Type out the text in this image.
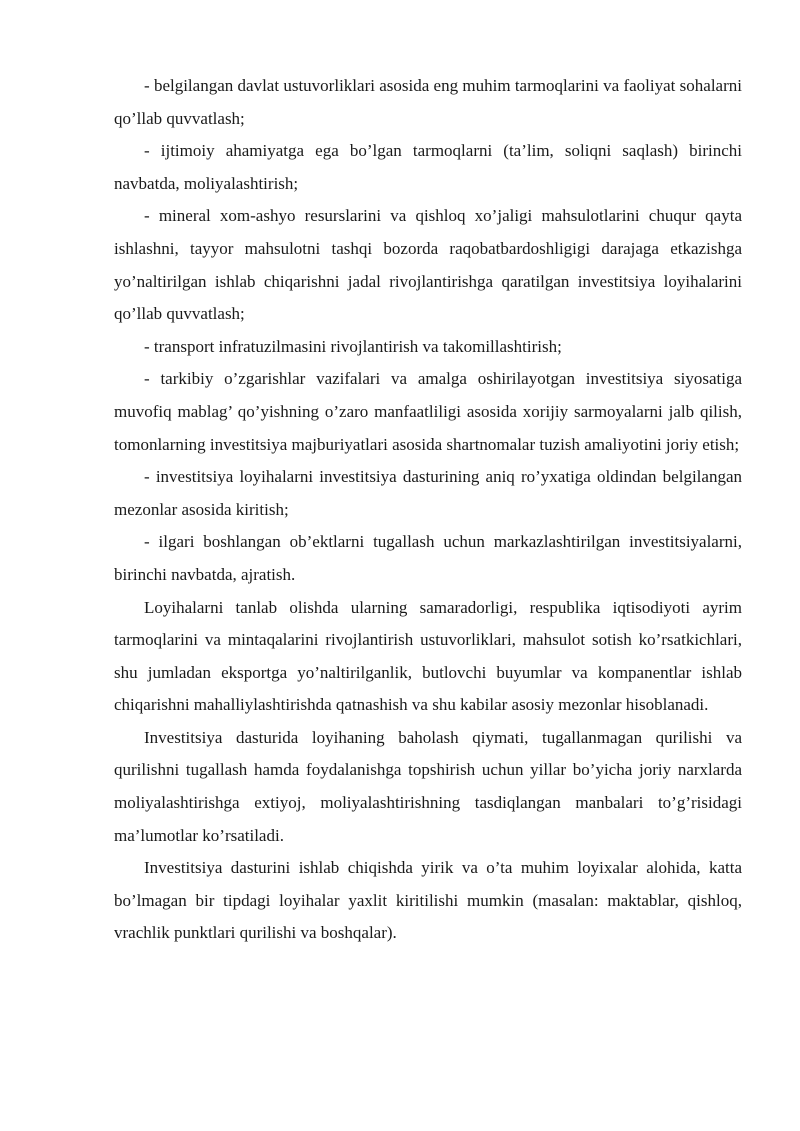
- belgilangan davlat ustuvorliklari asosida eng muhim tarmoqlarini va faoliyat sohalarni qo’llab quvvatlash;

- ijtimoiy ahamiyatga ega bo’lgan tarmoqlarni (ta’lim, soliqni saqlash) birinchi navbatda, moliyalashtirish;

- mineral xom-ashyo resurslarini va qishloq xo’jaligi mahsulotlarini chuqur qayta ishlashni, tayyor mahsulotni tashqi bozorda raqobatbardoshligigi darajaga etkazishga yo’naltirilgan ishlab chiqarishni jadal rivojlantirishga qaratilgan investitsiya loyihalarini qo’llab quvvatlash;

- transport infratuzilmasini rivojlantirish va takomillashtirish;

- tarkibiy o’zgarishlar vazifalari va amalga oshirilayotgan investitsiya siyosatiga muvofiq mablag’ qo’yishning o’zaro manfaatliligi asosida xorijiy sarmoyalarni jalb qilish, tomonlarning investitsiya majburiyatlari asosida shartnomalar tuzish amaliyotini joriy etish;

- investitsiya loyihalarni investitsiya dasturining aniq ro’yxatiga oldindan belgilangan mezonlar asosida kiritish;

- ilgari boshlangan ob’ektlarni tugallash uchun markazlashtirilgan investitsiyalarni, birinchi navbatda, ajratish.

Loyihalarni tanlab olishda ularning samaradorligi, respublika iqtisodiyoti ayrim tarmoqlarini va mintaqalarini rivojlantirish ustuvorliklari, mahsulot sotish ko’rsatkichlari, shu jumladan eksportga yo’naltirilganlik, butlovchi buyumlar va kompanentlar ishlab chiqarishni mahalliylashtirishda qatnashish va shu kabilar asosiy mezonlar hisoblanadi.

Investitsiya dasturida loyihaning baholash qiymati, tugallanmagan qurilishi va qurilishni tugallash hamda foydalanishga topshirish uchun yillar bo’yicha joriy narxlarda moliyalashtirishga extiyoj, moliyalashtirishning tasdiqlangan manbalari to’g’risidagi ma’lumotlar ko’rsatiladi.

Investitsiya dasturini ishlab chiqishda yirik va o’ta muhim loyixalar alohida, katta bo’lmagan bir tipdagi loyihalar yaxlit kiritilishi mumkin (masalan: maktablar, qishloq, vrachlik punktlari qurilishi va boshqalar).
